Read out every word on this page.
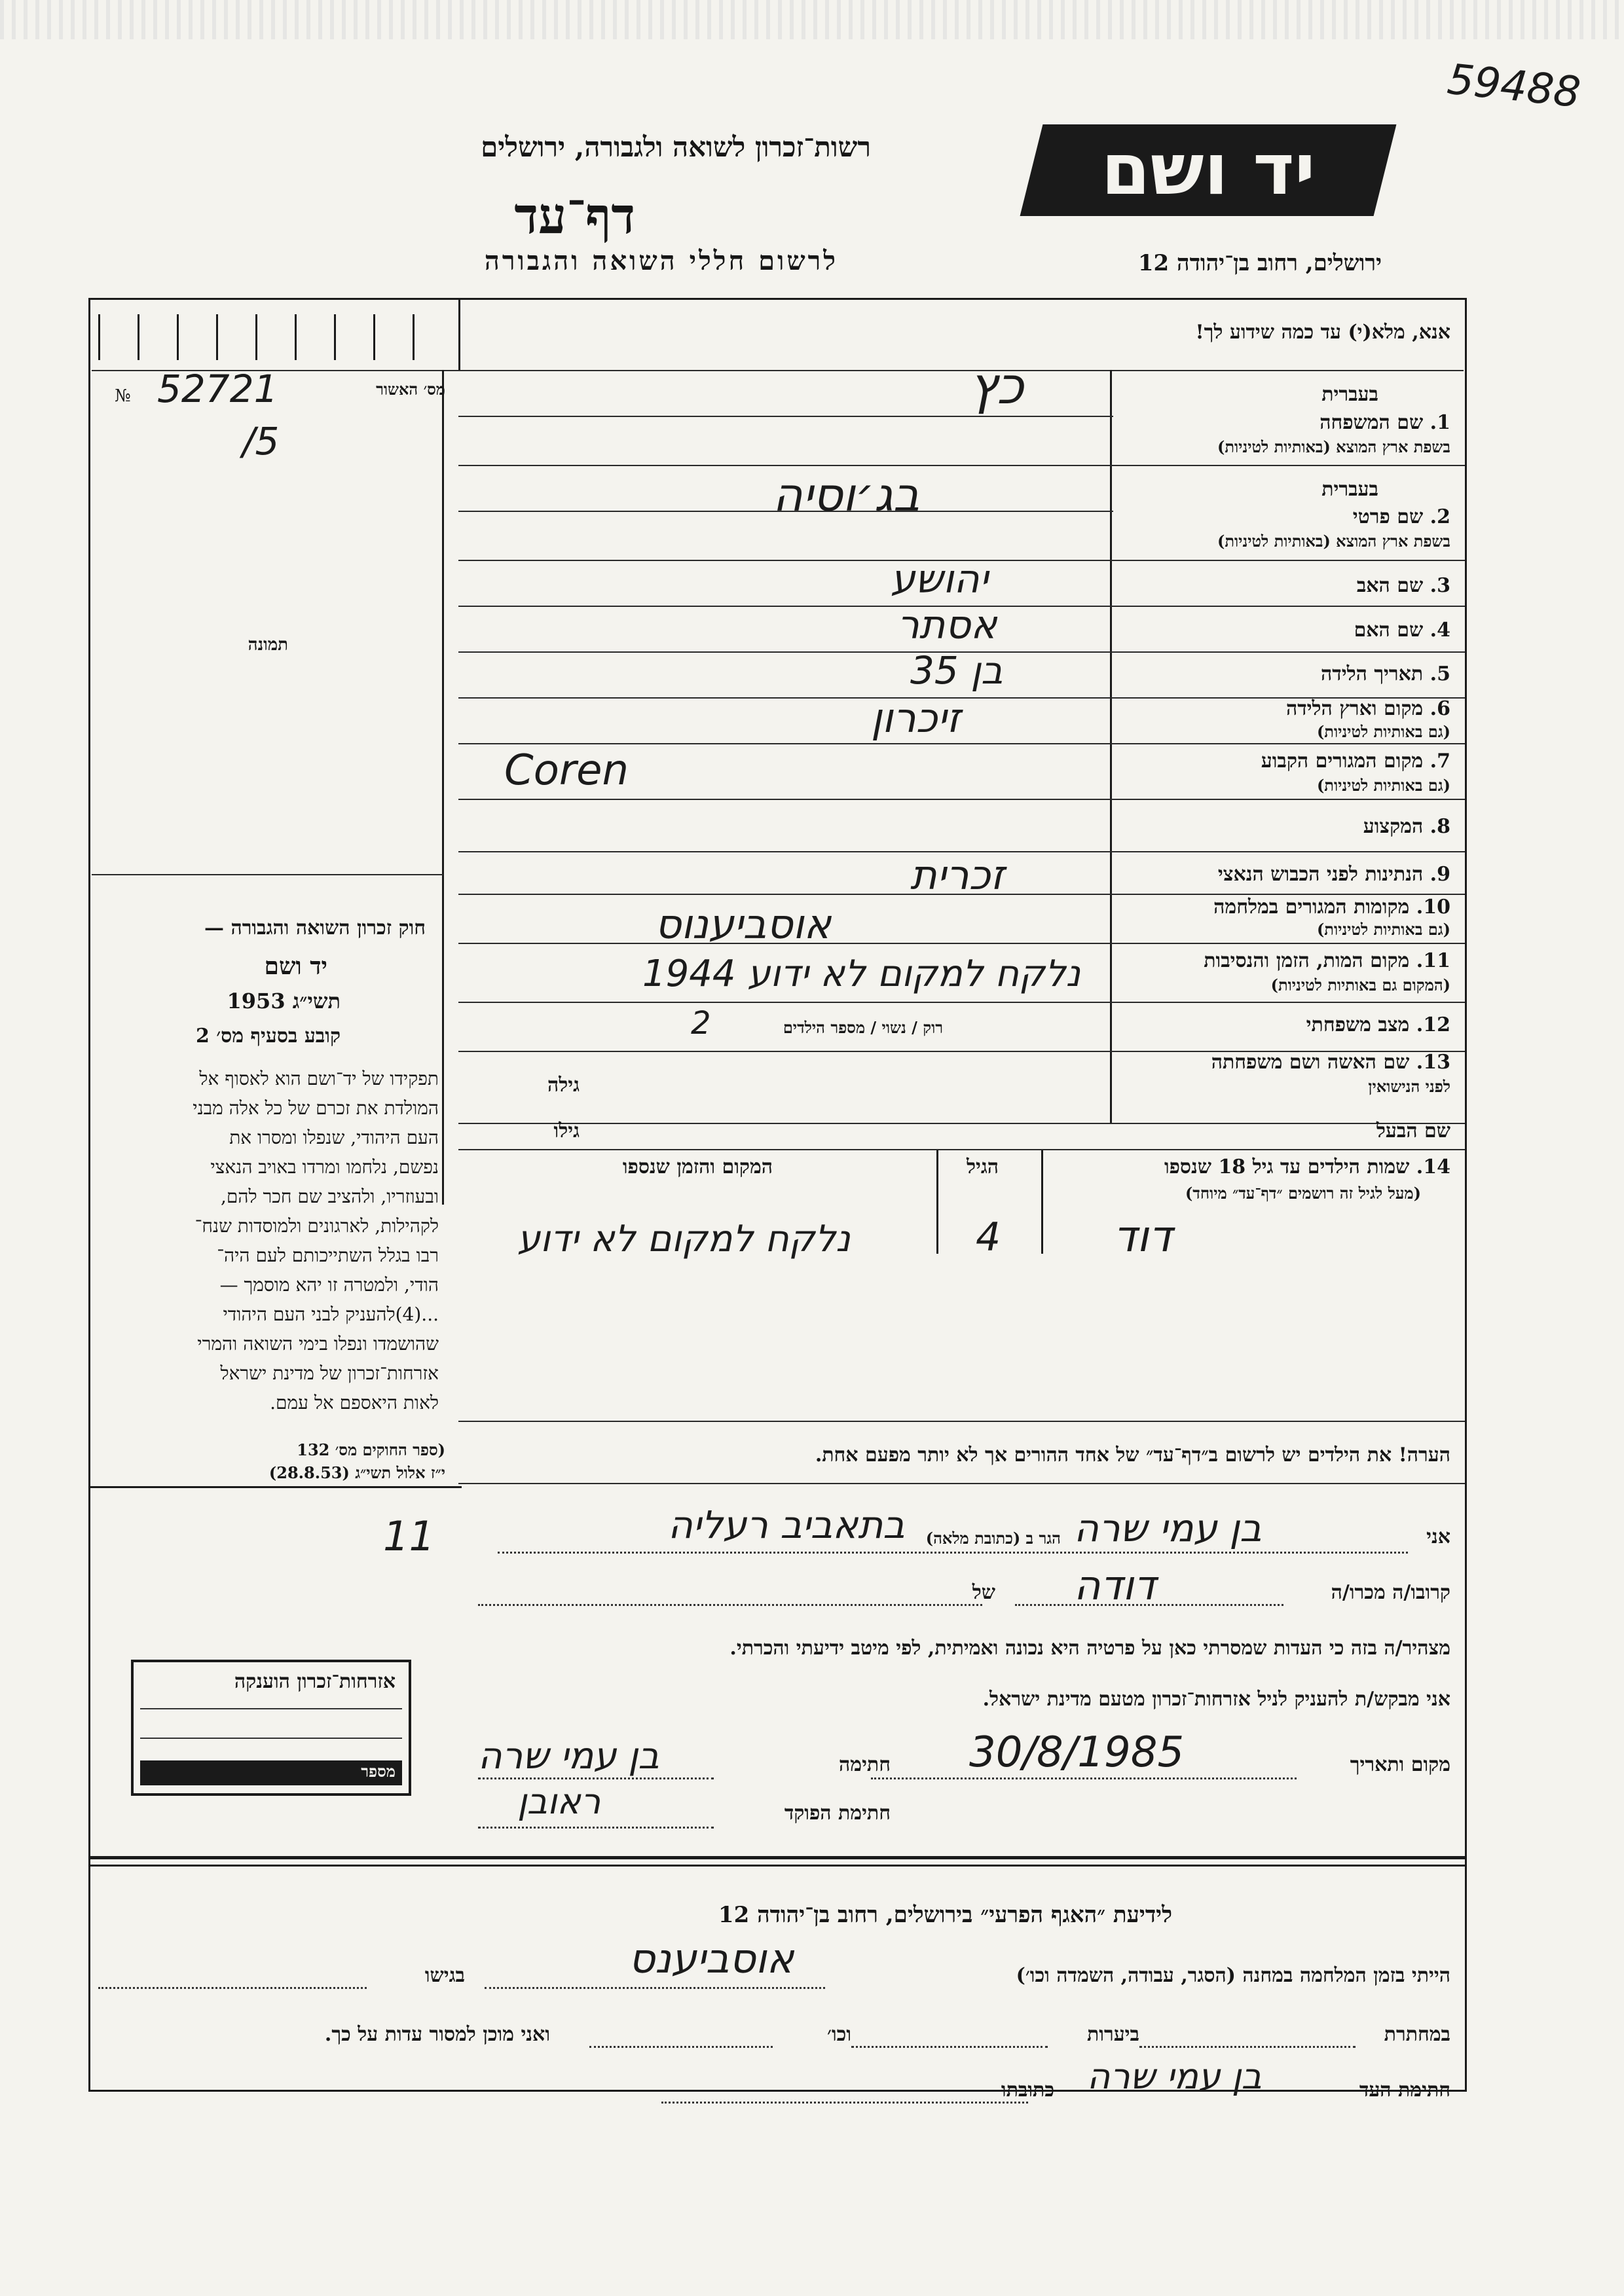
59488
יד ושם
רשות־זכרון לשואה ולגבורה, ירושלים
דף־עד
לרשום חללי השואה והגבורה	ירושלים, רחוב בן־יהודה 12
אנא, מלא(י) עד כמה שידוע לך!
מס׳ האשור
№ 52721
/5
תמונה
בעברית
1. שם המשפחה
בשפת ארץ המוצא (באותיות לטיניות)
בעברית
2. שם פרטי
בשפת ארץ המוצא (באותיות לטיניות)
3. שם האב
4. שם האם
5. תאריך הלידה
6. מקום וארץ הלידה
(גם באותיות לטיניות)
7. מקום המגורים הקבוע
(גם באותיות לטיניות)
8. המקצוע
9. הנתינות לפני הכבוש הנאצי
10. מקומות המגורים במלחמה
(גם באותיות לטיניות)
11. מקום המות, הזמן והנסיבות
(המקום גם באותיות לטיניות)
12. מצב משפחתי
13. שם האשה ושם משפחתה
לפני הנישואין
שם הבעל
כץ
בג׳וסיה
יהושע
אסתר
בן 35
זיכרון
Coren
זכרית
אוסביענוס
נלקח למקום לא ידוע 1944
רוק / נשוי / מספר הילדים
2
גילה
גילו
14. שמות הילדים עד גיל 18 שנספו
(מעל לגיל זה רושמים ״דף־עד״ מיוחד)
הגיל
המקום והזמן שנספו
דוד
4
נלקח למקום לא ידוע
הערה! את הילדים יש לרשום ב״דף־עד״ של אחד ההורים אך לא יותר מפעם אחת.
חוק זכרון השואה והגבורה —
יד ושם
תשי״ג 1953
קובע בסעיף מס׳ 2
תפקידו של יד־ושם הוא לאסוף אל
המולדת את זכרם של כל אלה מבני
העם היהודי, שנפלו ומסרו את
נפשם, נלחמו ומרדו באויב הנאצי
ובעוזריו, ולהציב שם חכר להם,
לקהילות, לארגונים ולמוסדות שנח־
רבו בגלל השתייכותם לעם היה־
הודי, ולמטרה זו יהא מוסמך —
...(4)להעניק לבני העם היהודי
שהושמדו ונפלו בימי השואה והמרי
אזרחות־זכרון של מדינת ישראל
לאות היאספם אל עמם.
(ספר החוקים מס׳ 132
י״ז אלול תשי״ג (28.8.53)
11	אני
בן עמי שרה
הגר ב (כתובת מלאה)
בתאביב רעליה
קרובו/ה מכרו/ה
דודה
של
מצהיר/ה בזה כי העדות שמסרתי כאן על פרטיה היא נכונה ואמיתית, לפי מיטב ידיעתי והכרתי.
אני מבקש/ת להעניק לניל אזרחות־זכרון מטעם מדינת ישראל.
מקום ותאריך
30/8/1985
חתימה
בן עמי שרה
חתימת הפוקד
ראובן
אזרחות־זכרון הוענקה
מספר
לידיעת ״האגף הפרעי״ בירושלים, רחוב בן־יהודה 12
הייתי בזמן המלחמה במחנה (הסגר, עבודה, השמדה וכו׳)
אוסביענס
בגישו
במחתרת
ביערות
וכו׳
ואני מוכן למסור עדות על כך.
חתימת העד
בן עמי שרה
כתובתו
